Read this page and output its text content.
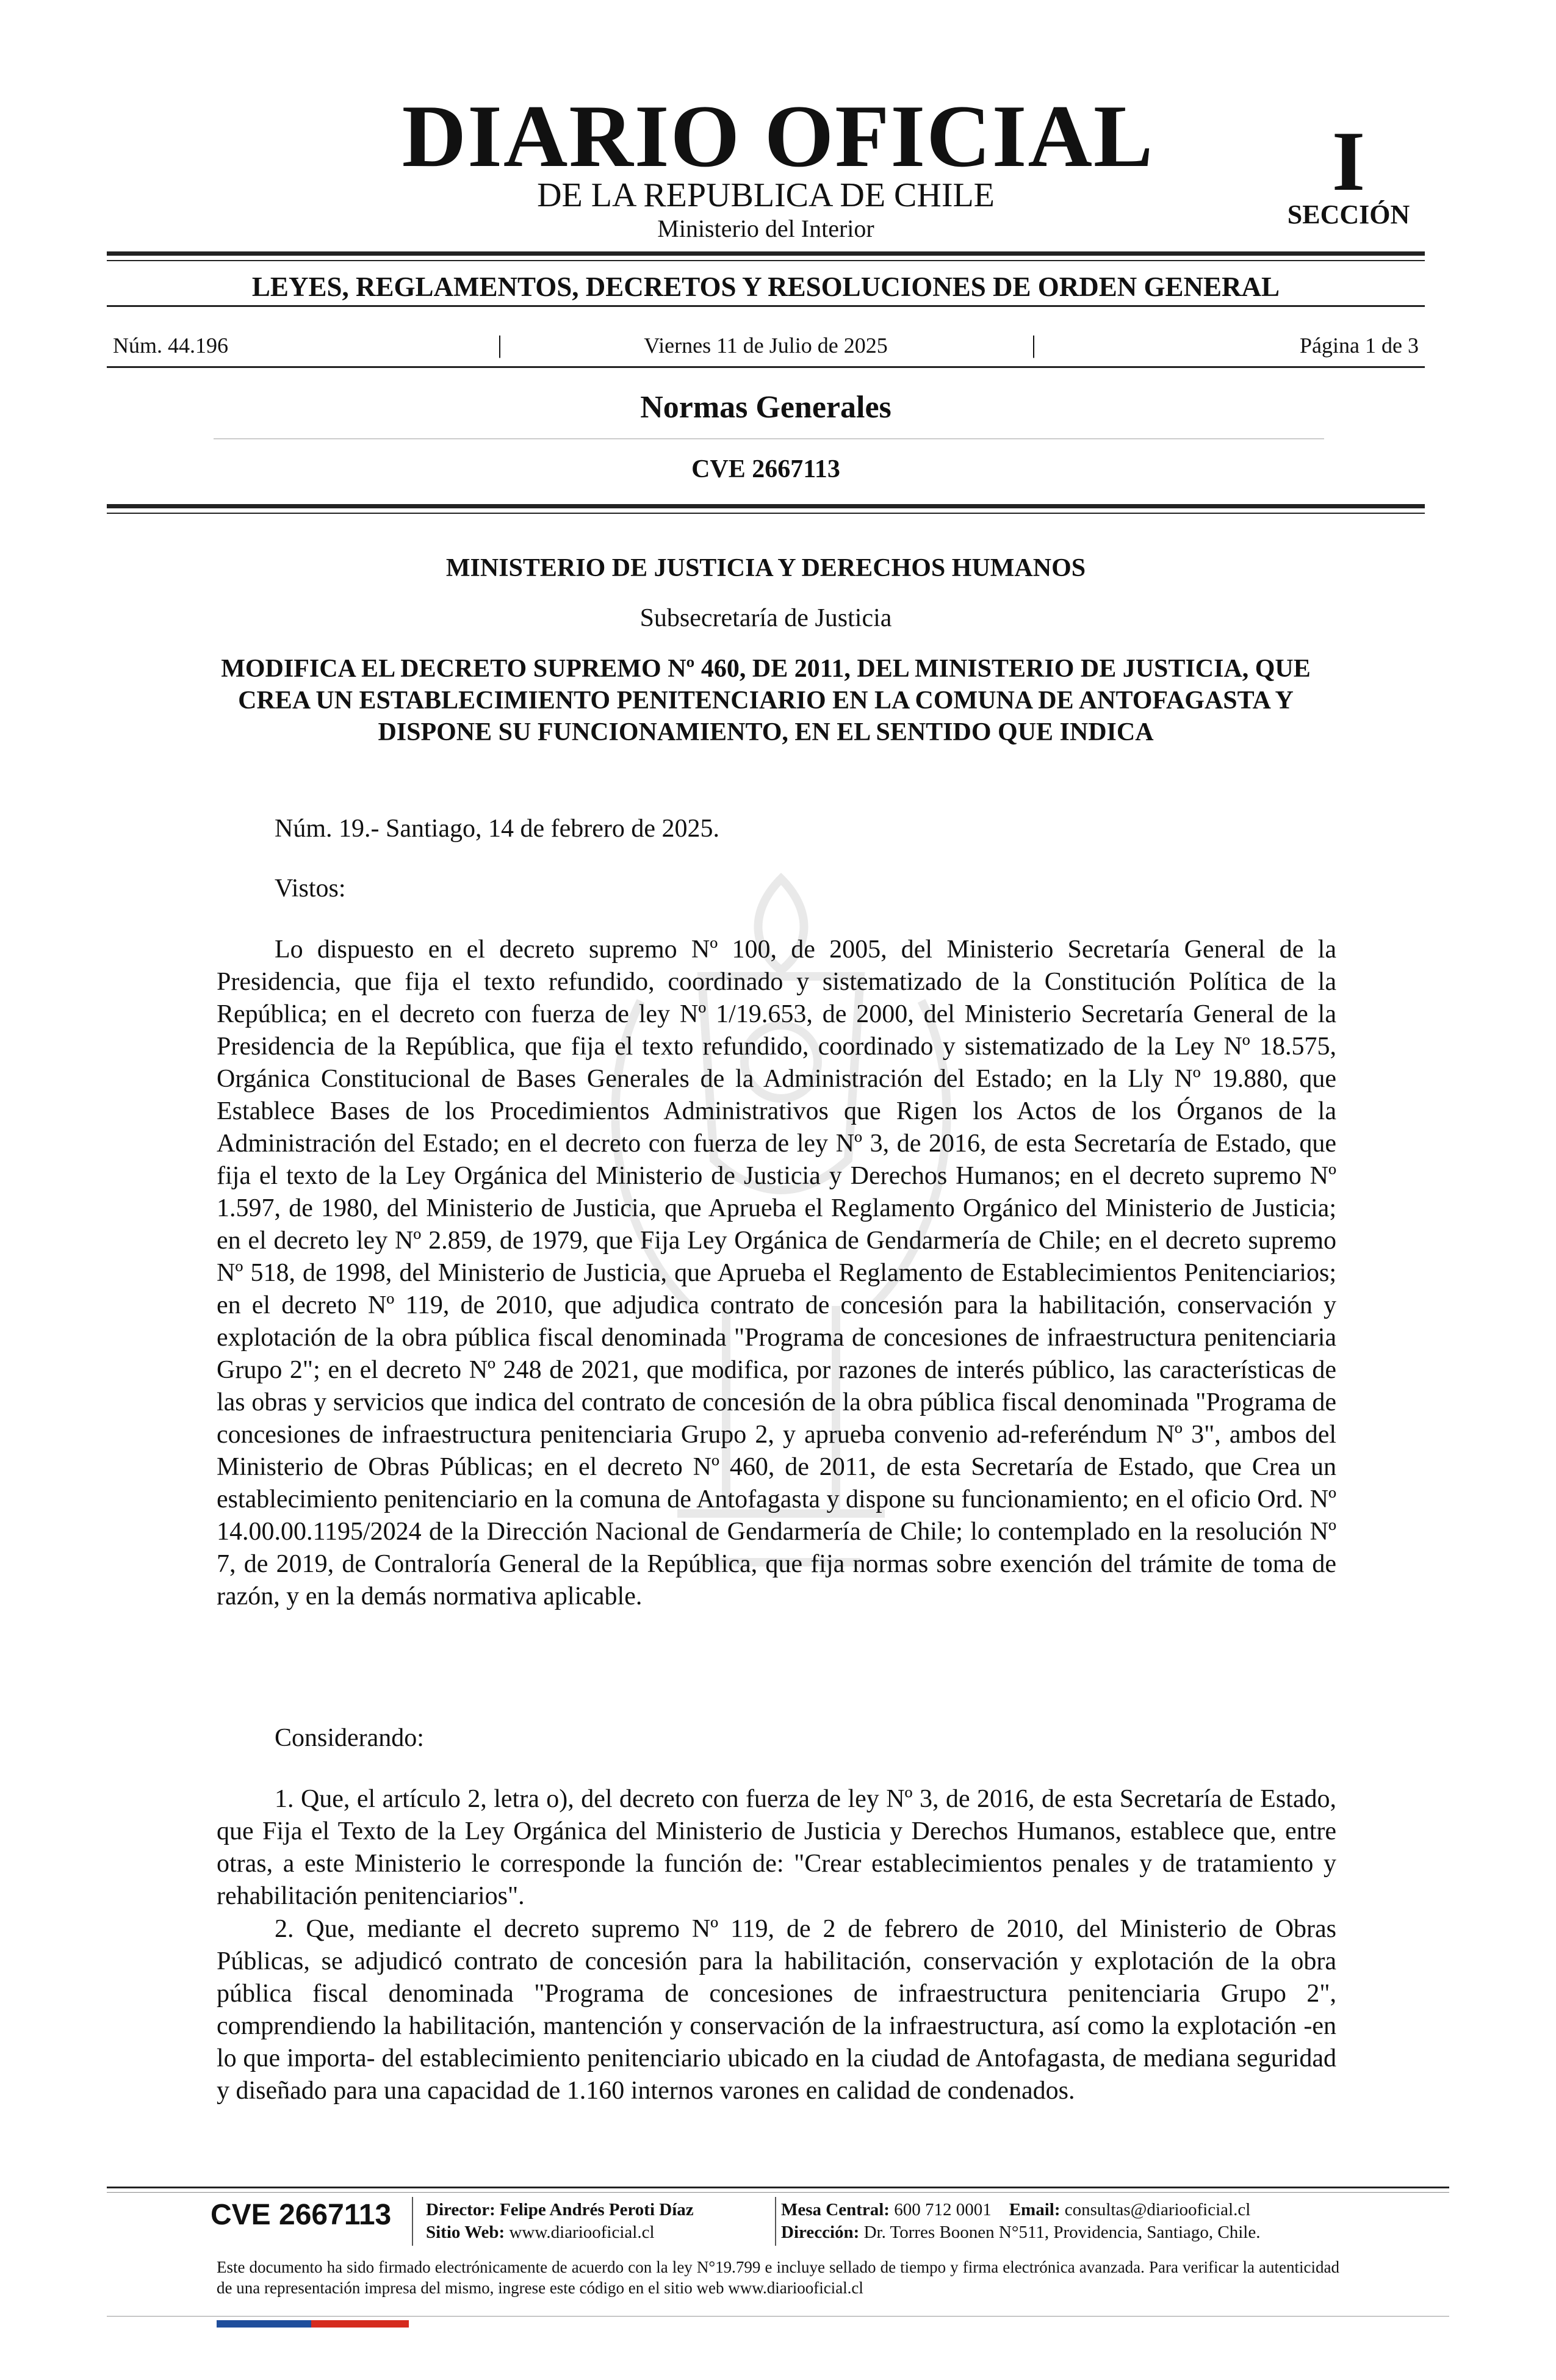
DIARIO OFICIAL
DE LA REPUBLICA DE CHILE
Ministerio del Interior
I
SECCIÓN
LEYES, REGLAMENTOS, DECRETOS Y RESOLUCIONES DE ORDEN GENERAL
Núm. 44.196	|	Viernes 11 de Julio de 2025	|	Página 1 de 3
Normas Generales
CVE 2667113
MINISTERIO DE JUSTICIA Y DERECHOS HUMANOS
Subsecretaría de Justicia
MODIFICA EL DECRETO SUPREMO Nº 460, DE 2011, DEL MINISTERIO DE JUSTICIA, QUE CREA UN ESTABLECIMIENTO PENITENCIARIO EN LA COMUNA DE ANTOFAGASTA Y DISPONE SU FUNCIONAMIENTO, EN EL SENTIDO QUE INDICA
Núm. 19.- Santiago, 14 de febrero de 2025.
Vistos:
Lo dispuesto en el decreto supremo Nº 100, de 2005, del Ministerio Secretaría General de la Presidencia, que fija el texto refundido, coordinado y sistematizado de la Constitución Política de la República; en el decreto con fuerza de ley Nº 1/19.653, de 2000, del Ministerio Secretaría General de la Presidencia de la República, que fija el texto refundido, coordinado y sistematizado de la Ley Nº 18.575, Orgánica Constitucional de Bases Generales de la Administración del Estado; en la Lly Nº 19.880, que Establece Bases de los Procedimientos Administrativos que Rigen los Actos de los Órganos de la Administración del Estado; en el decreto con fuerza de ley Nº 3, de 2016, de esta Secretaría de Estado, que fija el texto de la Ley Orgánica del Ministerio de Justicia y Derechos Humanos; en el decreto supremo Nº 1.597, de 1980, del Ministerio de Justicia, que Aprueba el Reglamento Orgánico del Ministerio de Justicia; en el decreto ley Nº 2.859, de 1979, que Fija Ley Orgánica de Gendarmería de Chile; en el decreto supremo Nº 518, de 1998, del Ministerio de Justicia, que Aprueba el Reglamento de Establecimientos Penitenciarios; en el decreto Nº 119, de 2010, que adjudica contrato de concesión para la habilitación, conservación y explotación de la obra pública fiscal denominada "Programa de concesiones de infraestructura penitenciaria Grupo 2"; en el decreto Nº 248 de 2021, que modifica, por razones de interés público, las características de las obras y servicios que indica del contrato de concesión de la obra pública fiscal denominada "Programa de concesiones de infraestructura penitenciaria Grupo 2, y aprueba convenio ad-referéndum Nº 3", ambos del Ministerio de Obras Públicas; en el decreto Nº 460, de 2011, de esta Secretaría de Estado, que Crea un establecimiento penitenciario en la comuna de Antofagasta y dispone su funcionamiento; en el oficio Ord. Nº 14.00.00.1195/2024 de la Dirección Nacional de Gendarmería de Chile; lo contemplado en la resolución Nº 7, de 2019, de Contraloría General de la República, que fija normas sobre exención del trámite de toma de razón, y en la demás normativa aplicable.
Considerando:
1. Que, el artículo 2, letra o), del decreto con fuerza de ley Nº 3, de 2016, de esta Secretaría de Estado, que Fija el Texto de la Ley Orgánica del Ministerio de Justicia y Derechos Humanos, establece que, entre otras, a este Ministerio le corresponde la función de: "Crear establecimientos penales y de tratamiento y rehabilitación penitenciarios".
2. Que, mediante el decreto supremo Nº 119, de 2 de febrero de 2010, del Ministerio de Obras Públicas, se adjudicó contrato de concesión para la habilitación, conservación y explotación de la obra pública fiscal denominada "Programa de concesiones de infraestructura penitenciaria Grupo 2", comprendiendo la habilitación, mantención y conservación de la infraestructura, así como la explotación -en lo que importa- del establecimiento penitenciario ubicado en la ciudad de Antofagasta, de mediana seguridad y diseñado para una capacidad de 1.160 internos varones en calidad de condenados.
CVE 2667113 Director: Felipe Andrés Peroti Díaz
Sitio Web: www.diariooficial.cl
Mesa Central: 600 712 0001 Email: consultas@diariooficial.cl
Dirección: Dr. Torres Boonen N°511, Providencia, Santiago, Chile.
Este documento ha sido firmado electrónicamente de acuerdo con la ley N°19.799 e incluye sellado de tiempo y firma electrónica avanzada. Para verificar la autenticidad de una representación impresa del mismo, ingrese este código en el sitio web www.diariooficial.cl
